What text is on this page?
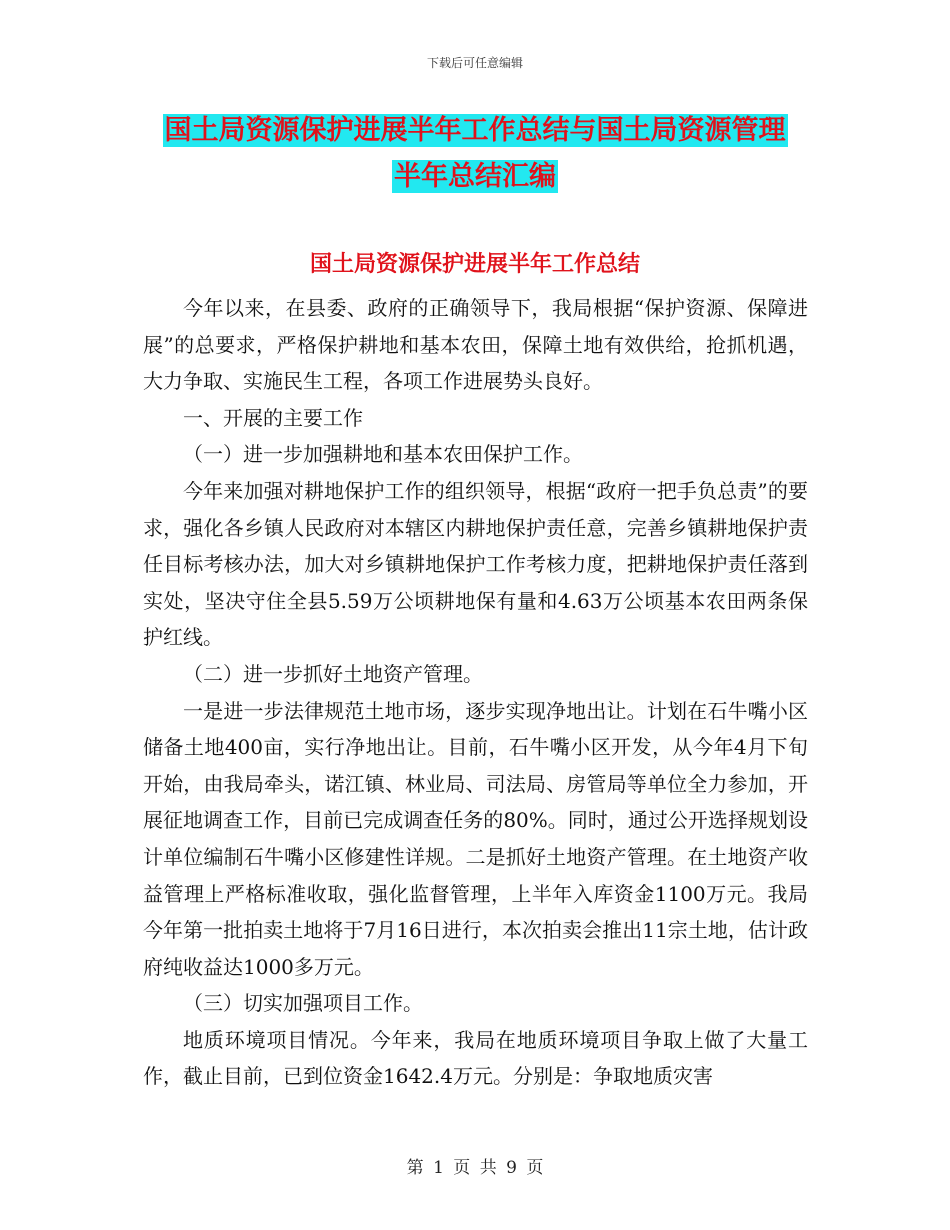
下载后可任意编辑
国土局资源保护进展半年工作总结与国土局资源管理
半年总结汇编
国土局资源保护进展半年工作总结

今年以来，在县委、政府的正确领导下，我局根据“保护资源、保障进展”的总要求，严格保护耕地和基本农田，保障土地有效供给，抢抓机遇，大力争取、实施民生工程，各项工作进展势头良好。

一、开展的主要工作

（一）进一步加强耕地和基本农田保护工作。

今年来加强对耕地保护工作的组织领导，根据“政府一把手负总责”的要求，强化各乡镇人民政府对本辖区内耕地保护责任意，完善乡镇耕地保护责任目标考核办法，加大对乡镇耕地保护工作考核力度，把耕地保护责任落到实处，坚决守住全县5.59万公顷耕地保有量和4.63万公顷基本农田两条保护红线。

（二）进一步抓好土地资产管理。

一是进一步法律规范土地市场，逐步实现净地出让。计划在石牛嘴小区储备土地400亩，实行净地出让。目前，石牛嘴小区开发，从今年4月下旬开始，由我局牵头，诺江镇、林业局、司法局、房管局等单位全力参加，开展征地调查工作，目前已完成调查任务的80%。同时，通过公开选择规划设计单位编制石牛嘴小区修建性详规。二是抓好土地资产管理。在土地资产收益管理上严格标准收取，强化监督管理，上半年入库资金1100万元。我局今年第一批拍卖土地将于7月16日进行，本次拍卖会推出11宗土地，估计政府纯收益达1000多万元。

（三）切实加强项目工作。

地质环境项目情况。今年来，我局在地质环境项目争取上做了大量工作，截止目前，已到位资金1642.4万元。分别是：争取地质灾害

第 1 页 共 9 页
